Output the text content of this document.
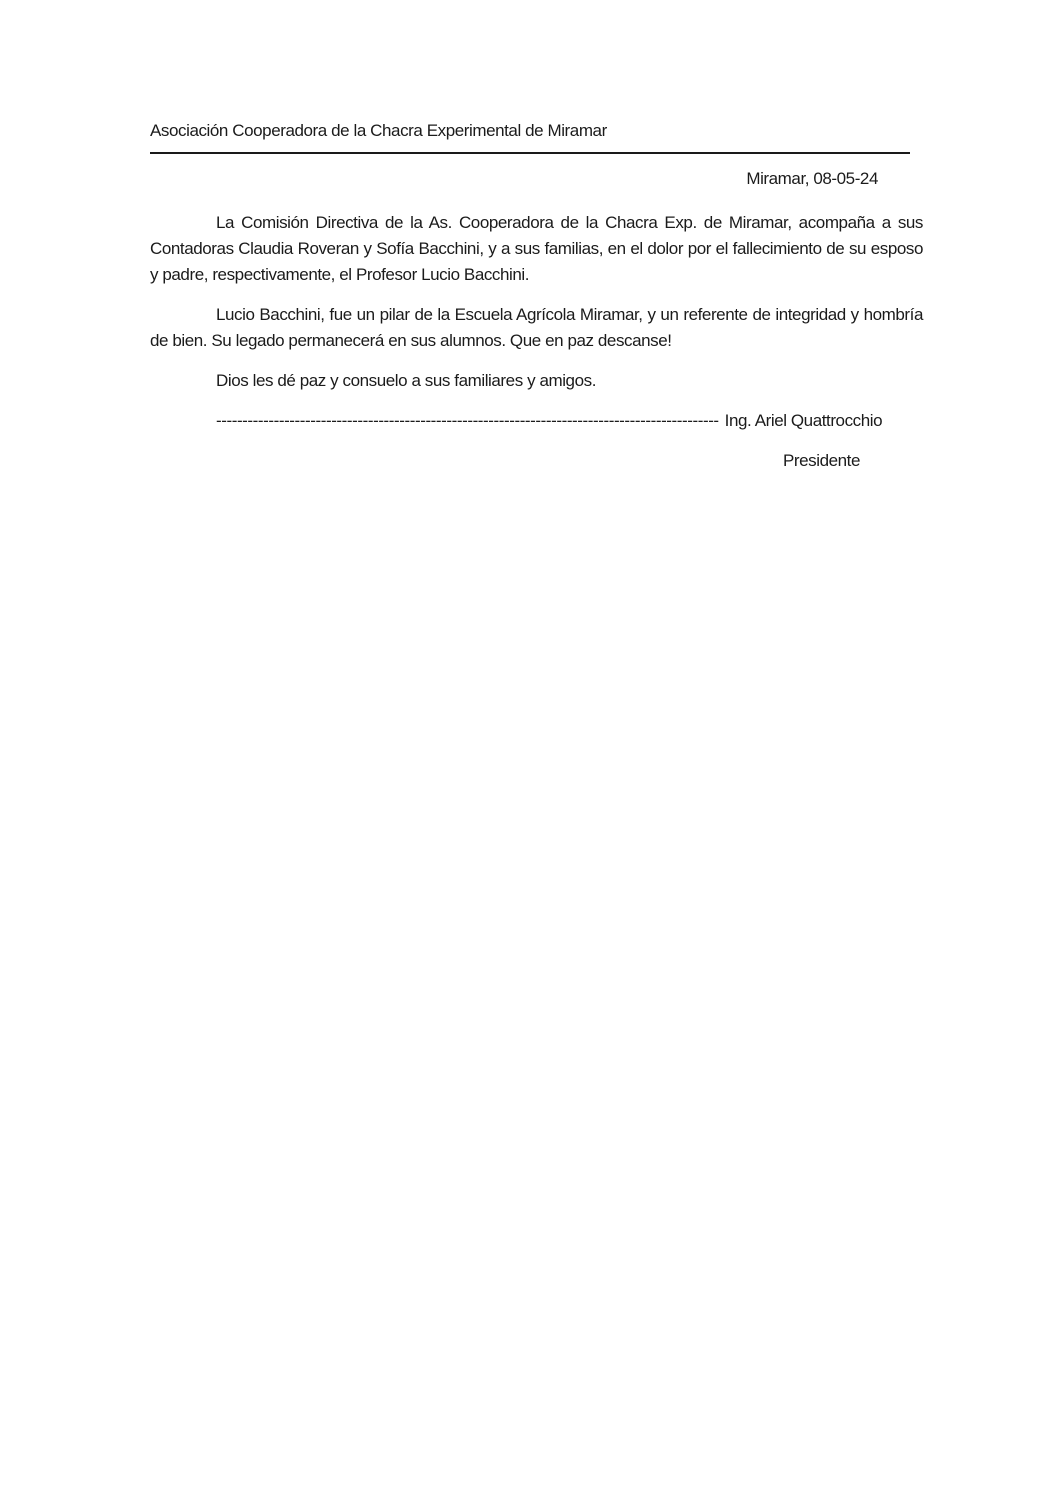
Asociación Cooperadora de la Chacra Experimental de Miramar
Miramar, 08-05-24

La Comisión Directiva de la As. Cooperadora de la Chacra Exp. de Miramar, acompaña a sus Contadoras Claudia Roveran y Sofía Bacchini, y a sus familias, en el dolor por el fallecimiento de su esposo y padre, respectivamente, el Profesor Lucio Bacchini.

Lucio Bacchini, fue un pilar de la Escuela Agrícola Miramar, y un referente de integridad y hombría de bien. Su legado permanecerá en sus alumnos. Que en paz descanse!

Dios les dé paz y consuelo a sus familiares y amigos.

------------------------------------------------------------------------------------------------ Ing. Ariel Quattrocchio
Presidente
